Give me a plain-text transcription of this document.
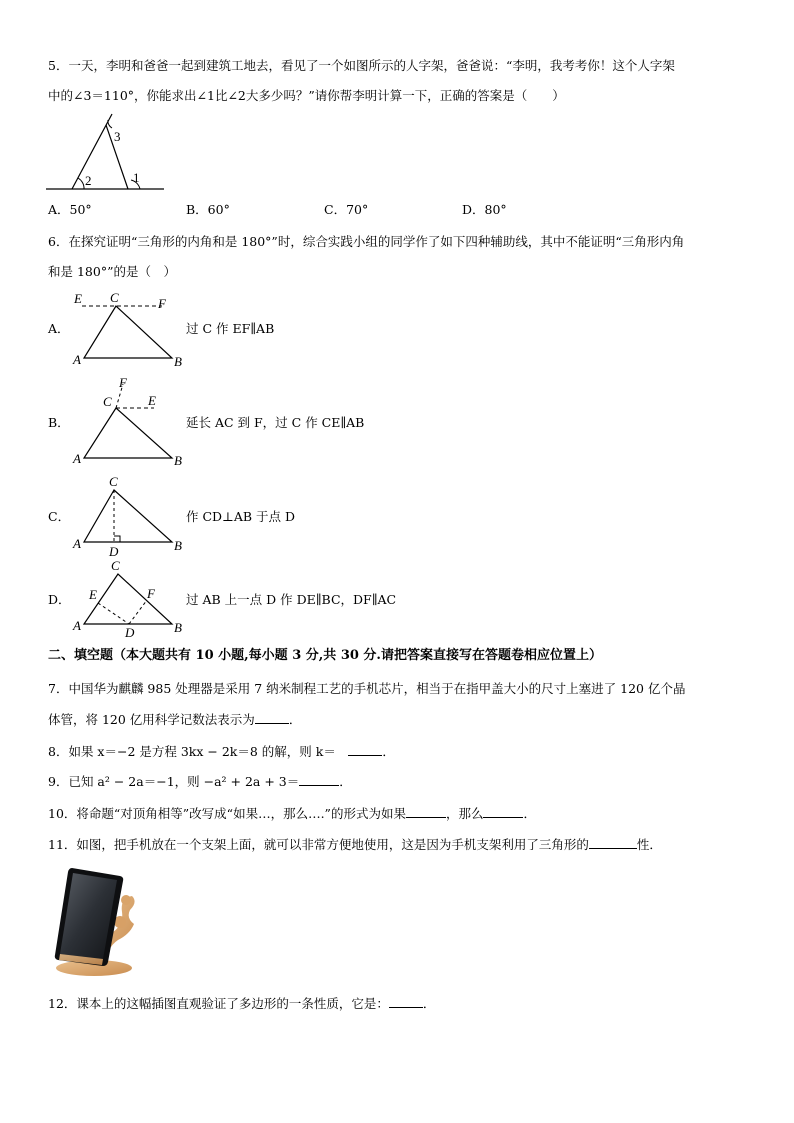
5．一天，李明和爸爸一起到建筑工地去，看见了一个如图所示的人字架，爸爸说：“李明，我考考你！这个人字架
中的∠3＝110°，你能求出∠1比∠2大多少吗？”请你帮李明计算一下，正确的答案是（　　）
3
2	1
A．50°	B．60°	C．70°	D．80°
6．在探究证明“三角形的内角和是 180°”时，综合实践小组的同学作了如下四种辅助线，其中不能证明“三角形内角
和是 180°”的是（　）
A．
E C	F
A	B
过 C 作 EF∥AB
B．
F
C	E
A	B
延长 AC 到 F，过 C 作 CE∥AB
C．
C
A
D	B
作 CD⊥AB 于点 D
D．
C
E	F
A	D	B
过 AB 上一点 D 作 DE∥BC，DF∥AC
二、填空题（本大题共有 10 小题,每小题 3 分,共 30 分.请把答案直接写在答题卷相应位置上）
7．中国华为麒麟 985 处理器是采用 7 纳米制程工艺的手机芯片，相当于在指甲盖大小的尺寸上塞进了 120 亿个晶
体管，将 120 亿用科学记数法表示为	．
8．如果 x＝−2 是方程 3kx − 2k＝8 的解，则 k＝　	．
9．已知 a² − 2a＝−1，则 −a² + 2a + 3＝	．
10．将命题“对顶角相等”改写成“如果…，那么….”的形式为如果	，那么	．
11．如图，把手机放在一个支架上面，就可以非常方便地使用，这是因为手机支架利用了三角形的	性．
12．课本上的这幅插图直观验证了多边形的一条性质，它是：	．
